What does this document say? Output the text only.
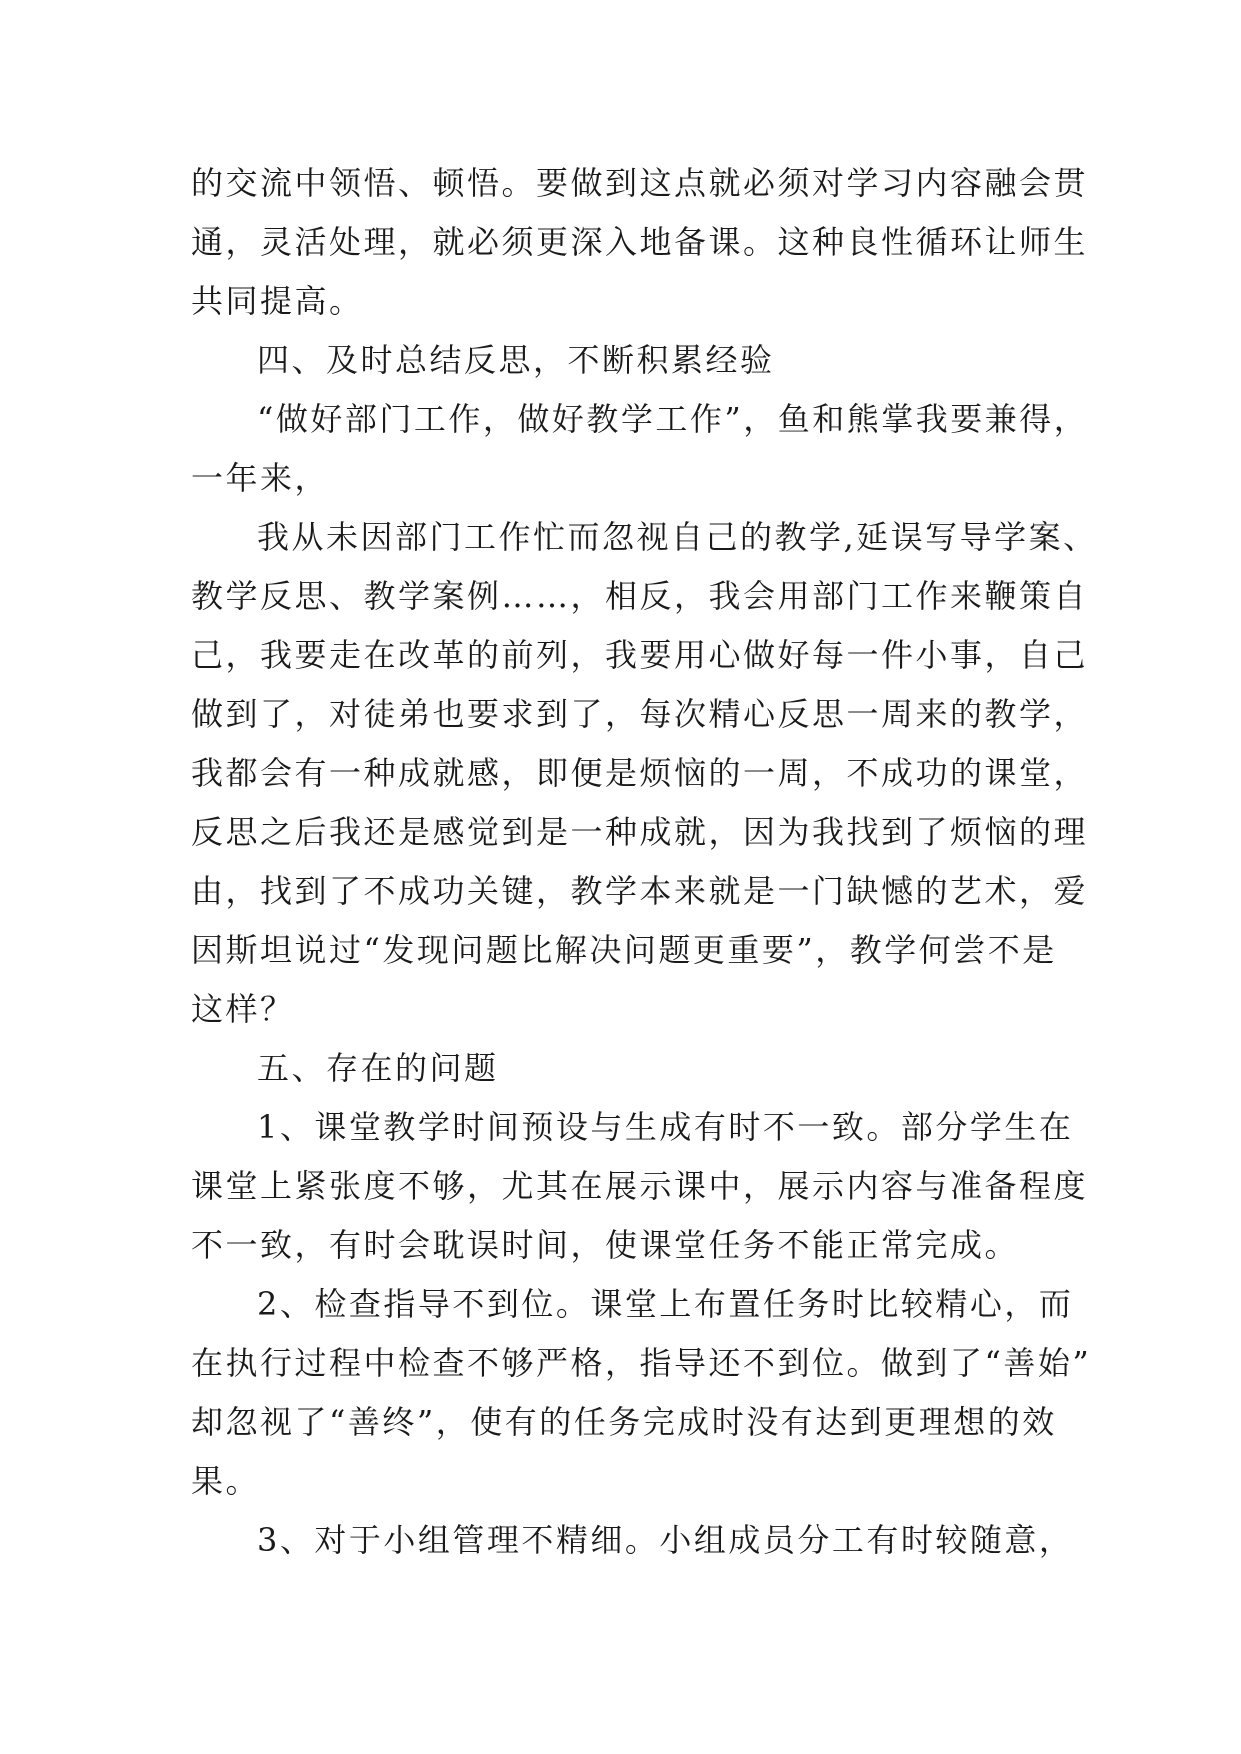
的交流中领悟、顿悟。要做到这点就必须对学习内容融会贯
通，灵活处理，就必须更深入地备课。这种良性循环让师生
共同提高。
四、及时总结反思，不断积累经验
“做好部门工作，做好教学工作”，鱼和熊掌我要兼得，
一年来，
我从未因部门工作忙而忽视自己的教学,延误写导学案、
教学反思、教学案例……，相反，我会用部门工作来鞭策自
己，我要走在改革的前列，我要用心做好每一件小事，自己
做到了，对徒弟也要求到了，每次精心反思一周来的教学，
我都会有一种成就感，即便是烦恼的一周，不成功的课堂，
反思之后我还是感觉到是一种成就，因为我找到了烦恼的理
由，找到了不成功关键，教学本来就是一门缺憾的艺术，爱
因斯坦说过“发现问题比解决问题更重要”，教学何尝不是
这样？
五、存在的问题
1、课堂教学时间预设与生成有时不一致。部分学生在
课堂上紧张度不够，尤其在展示课中，展示内容与准备程度
不一致，有时会耽误时间，使课堂任务不能正常完成。
2、检查指导不到位。课堂上布置任务时比较精心，而
在执行过程中检查不够严格，指导还不到位。做到了“善始”
却忽视了“善终”，使有的任务完成时没有达到更理想的效
果。
3、对于小组管理不精细。小组成员分工有时较随意，
